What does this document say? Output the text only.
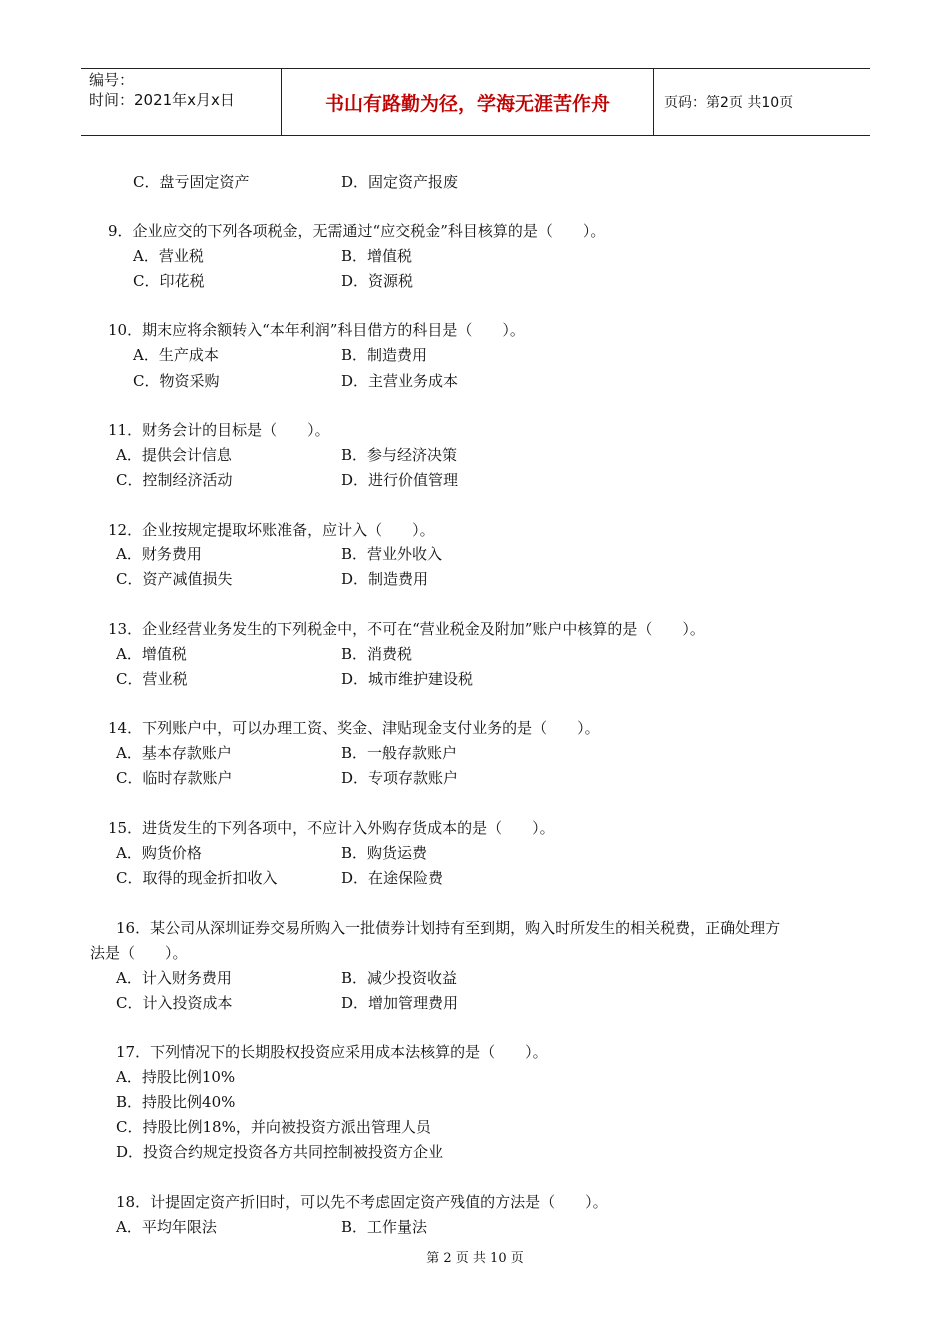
编号：
时间：2021年x月x日	书山有路勤为径，学海无涯苦作舟	页码：第2页 共10页
C．盘亏固定资产	D．固定资产报废
9．企业应交的下列各项税金，无需通过“应交税金”科目核算的是（　　）。
A．营业税	B．增值税
C．印花税	D．资源税
10．期末应将余额转入“本年利润”科目借方的科目是（　　）。
A．生产成本	B．制造费用
C．物资采购	D．主营业务成本
11．财务会计的目标是（　　）。
A．提供会计信息	B．参与经济决策
C．控制经济活动	D．进行价值管理
12．企业按规定提取坏账准备，应计入（　　）。
A．财务费用	B．营业外收入
C．资产减值损失	D．制造费用
13．企业经营业务发生的下列税金中，不可在“营业税金及附加”账户中核算的是（　　）。
A．增值税	B．消费税
C．营业税	D．城市维护建设税
14．下列账户中，可以办理工资、奖金、津贴现金支付业务的是（　　）。
A．基本存款账户	B．一般存款账户
C．临时存款账户	D．专项存款账户
15．进货发生的下列各项中，不应计入外购存货成本的是（　　）。
A．购货价格	B．购货运费
C．取得的现金折扣收入	D．在途保险费
16．某公司从深圳证券交易所购入一批债券计划持有至到期，购入时所发生的相关税费，正确处理方
法是（　　）。
A．计入财务费用	B．减少投资收益
C．计入投资成本	D．增加管理费用
17．下列情况下的长期股权投资应采用成本法核算的是（　　）。
A．持股比例10%
B．持股比例40%
C．持股比例18%，并向被投资方派出管理人员
D．投资合约规定投资各方共同控制被投资方企业
18．计提固定资产折旧时，可以先不考虑固定资产残值的方法是（　　）。
A．平均年限法	B．工作量法
第 2 页 共 10 页
